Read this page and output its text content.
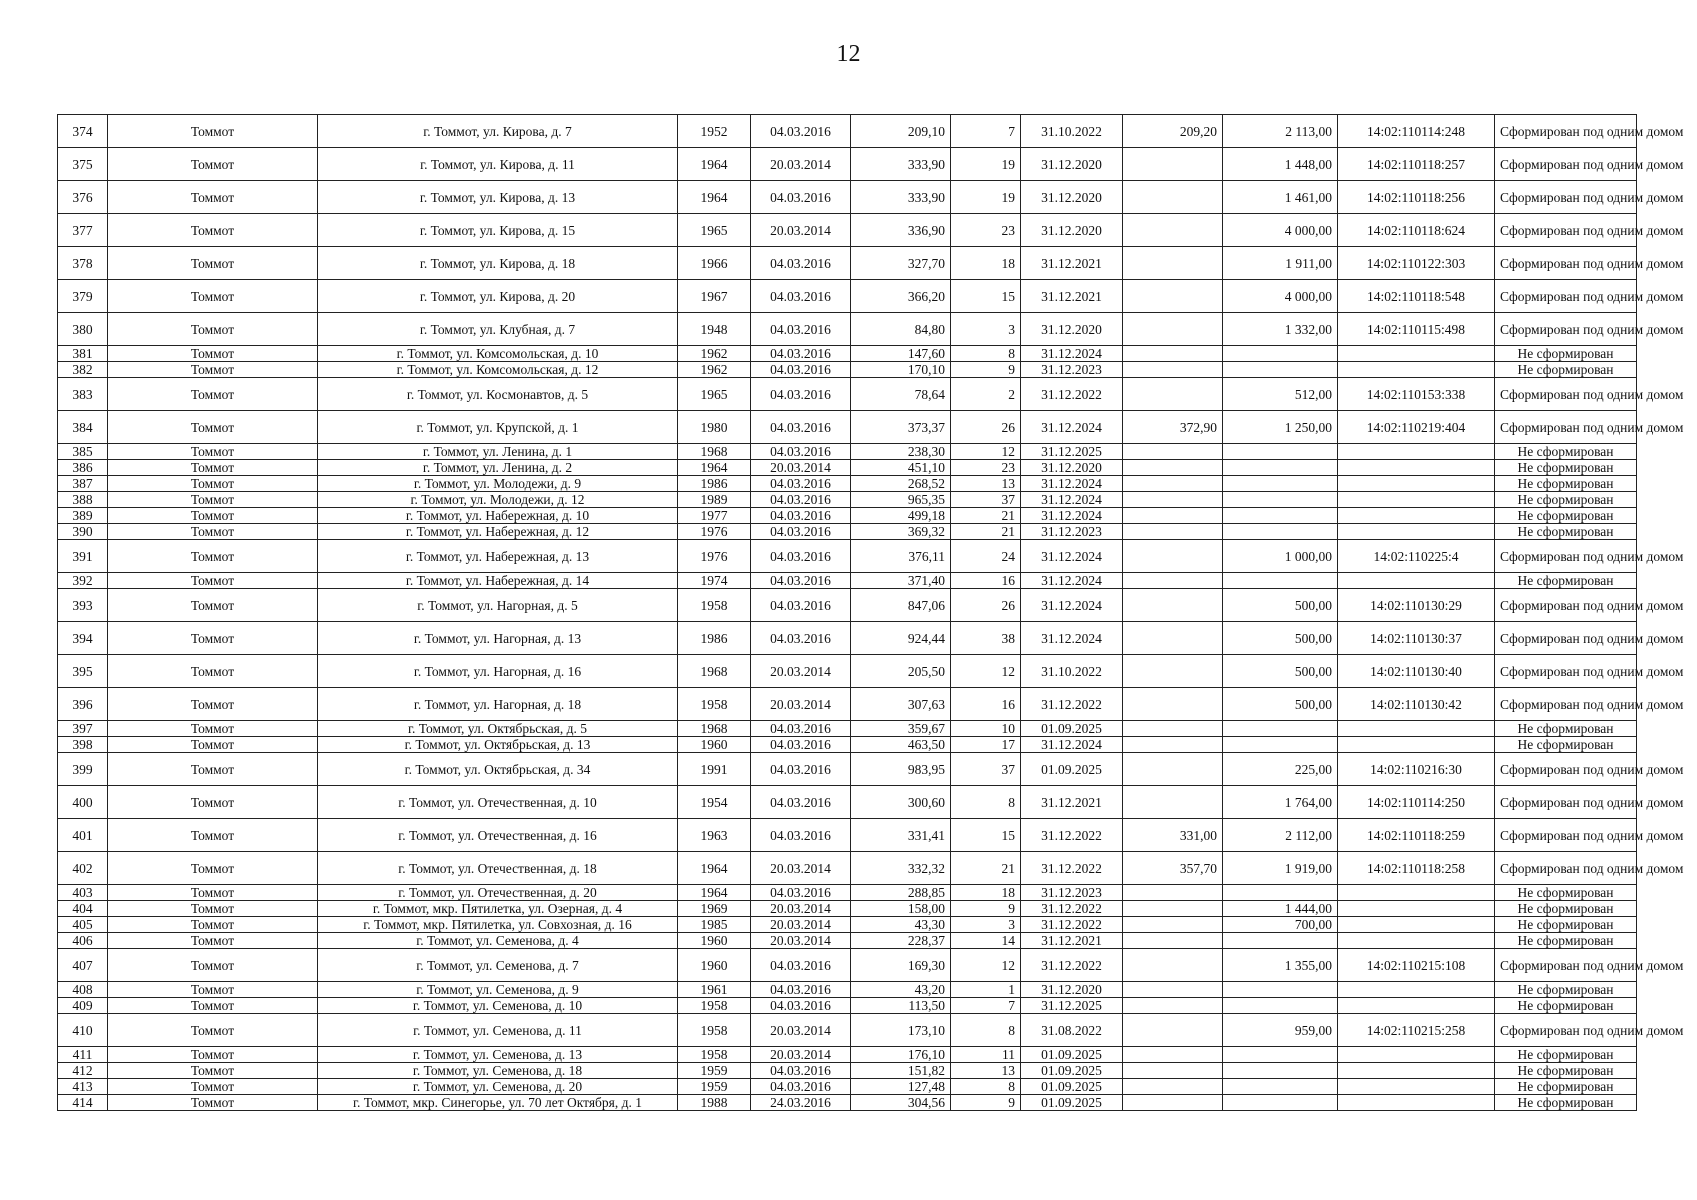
12
374	Томмот	г. Томмот, ул. Кирова, д. 7	1952	04.03.2016	209,10	7	31.10.2022	209,20	2 113,00	14:02:110114:248	Сформирован под одним домом
375	Томмот	г. Томмот, ул. Кирова, д. 11	1964	20.03.2014	333,90	19	31.12.2020		1 448,00	14:02:110118:257	Сформирован под одним домом
376	Томмот	г. Томмот, ул. Кирова, д. 13	1964	04.03.2016	333,90	19	31.12.2020		1 461,00	14:02:110118:256	Сформирован под одним домом
377	Томмот	г. Томмот, ул. Кирова, д. 15	1965	20.03.2014	336,90	23	31.12.2020		4 000,00	14:02:110118:624	Сформирован под одним домом
378	Томмот	г. Томмот, ул. Кирова, д. 18	1966	04.03.2016	327,70	18	31.12.2021		1 911,00	14:02:110122:303	Сформирован под одним домом
379	Томмот	г. Томмот, ул. Кирова, д. 20	1967	04.03.2016	366,20	15	31.12.2021		4 000,00	14:02:110118:548	Сформирован под одним домом
380	Томмот	г. Томмот, ул. Клубная, д. 7	1948	04.03.2016	84,80	3	31.12.2020		1 332,00	14:02:110115:498	Сформирован под одним домом
381	Томмот	г. Томмот, ул. Комсомольская, д. 10	1962	04.03.2016	147,60	8	31.12.2024				Не сформирован
382	Томмот	г. Томмот, ул. Комсомольская, д. 12	1962	04.03.2016	170,10	9	31.12.2023				Не сформирован
383	Томмот	г. Томмот, ул. Космонавтов, д. 5	1965	04.03.2016	78,64	2	31.12.2022		512,00	14:02:110153:338	Сформирован под одним домом
384	Томмот	г. Томмот, ул. Крупской, д. 1	1980	04.03.2016	373,37	26	31.12.2024	372,90	1 250,00	14:02:110219:404	Сформирован под одним домом
385	Томмот	г. Томмот, ул. Ленина, д. 1	1968	04.03.2016	238,30	12	31.12.2025				Не сформирован
386	Томмот	г. Томмот, ул. Ленина, д. 2	1964	20.03.2014	451,10	23	31.12.2020				Не сформирован
387	Томмот	г. Томмот, ул. Молодежи, д. 9	1986	04.03.2016	268,52	13	31.12.2024				Не сформирован
388	Томмот	г. Томмот, ул. Молодежи, д. 12	1989	04.03.2016	965,35	37	31.12.2024				Не сформирован
389	Томмот	г. Томмот, ул. Набережная, д. 10	1977	04.03.2016	499,18	21	31.12.2024				Не сформирован
390	Томмот	г. Томмот, ул. Набережная, д. 12	1976	04.03.2016	369,32	21	31.12.2023				Не сформирован
391	Томмот	г. Томмот, ул. Набережная, д. 13	1976	04.03.2016	376,11	24	31.12.2024		1 000,00	14:02:110225:4	Сформирован под одним домом
392	Томмот	г. Томмот, ул. Набережная, д. 14	1974	04.03.2016	371,40	16	31.12.2024				Не сформирован
393	Томмот	г. Томмот, ул. Нагорная, д. 5	1958	04.03.2016	847,06	26	31.12.2024		500,00	14:02:110130:29	Сформирован под одним домом
394	Томмот	г. Томмот, ул. Нагорная, д. 13	1986	04.03.2016	924,44	38	31.12.2024		500,00	14:02:110130:37	Сформирован под одним домом
395	Томмот	г. Томмот, ул. Нагорная, д. 16	1968	20.03.2014	205,50	12	31.10.2022		500,00	14:02:110130:40	Сформирован под одним домом
396	Томмот	г. Томмот, ул. Нагорная, д. 18	1958	20.03.2014	307,63	16	31.12.2022		500,00	14:02:110130:42	Сформирован под одним домом
397	Томмот	г. Томмот, ул. Октябрьская, д. 5	1968	04.03.2016	359,67	10	01.09.2025				Не сформирован
398	Томмот	г. Томмот, ул. Октябрьская, д. 13	1960	04.03.2016	463,50	17	31.12.2024				Не сформирован
399	Томмот	г. Томмот, ул. Октябрьская, д. 34	1991	04.03.2016	983,95	37	01.09.2025		225,00	14:02:110216:30	Сформирован под одним домом
400	Томмот	г. Томмот, ул. Отечественная, д. 10	1954	04.03.2016	300,60	8	31.12.2021		1 764,00	14:02:110114:250	Сформирован под одним домом
401	Томмот	г. Томмот, ул. Отечественная, д. 16	1963	04.03.2016	331,41	15	31.12.2022	331,00	2 112,00	14:02:110118:259	Сформирован под одним домом
402	Томмот	г. Томмот, ул. Отечественная, д. 18	1964	20.03.2014	332,32	21	31.12.2022	357,70	1 919,00	14:02:110118:258	Сформирован под одним домом
403	Томмот	г. Томмот, ул. Отечественная, д. 20	1964	04.03.2016	288,85	18	31.12.2023				Не сформирован
404	Томмот	г. Томмот, мкр. Пятилетка, ул. Озерная, д. 4	1969	20.03.2014	158,00	9	31.12.2022		1 444,00		Не сформирован
405	Томмот	г. Томмот, мкр. Пятилетка, ул. Совхозная, д. 16	1985	20.03.2014	43,30	3	31.12.2022		700,00		Не сформирован
406	Томмот	г. Томмот, ул. Семенова, д. 4	1960	20.03.2014	228,37	14	31.12.2021				Не сформирован
407	Томмот	г. Томмот, ул. Семенова, д. 7	1960	04.03.2016	169,30	12	31.12.2022		1 355,00	14:02:110215:108	Сформирован под одним домом
408	Томмот	г. Томмот, ул. Семенова, д. 9	1961	04.03.2016	43,20	1	31.12.2020				Не сформирован
409	Томмот	г. Томмот, ул. Семенова, д. 10	1958	04.03.2016	113,50	7	31.12.2025				Не сформирован
410	Томмот	г. Томмот, ул. Семенова, д. 11	1958	20.03.2014	173,10	8	31.08.2022		959,00	14:02:110215:258	Сформирован под одним домом
411	Томмот	г. Томмот, ул. Семенова, д. 13	1958	20.03.2014	176,10	11	01.09.2025				Не сформирован
412	Томмот	г. Томмот, ул. Семенова, д. 18	1959	04.03.2016	151,82	13	01.09.2025				Не сформирован
413	Томмот	г. Томмот, ул. Семенова, д. 20	1959	04.03.2016	127,48	8	01.09.2025				Не сформирован
414	Томмот	г. Томмот, мкр. Синегорье, ул. 70 лет Октября, д. 1	1988	24.03.2016	304,56	9	01.09.2025				Не сформирован
